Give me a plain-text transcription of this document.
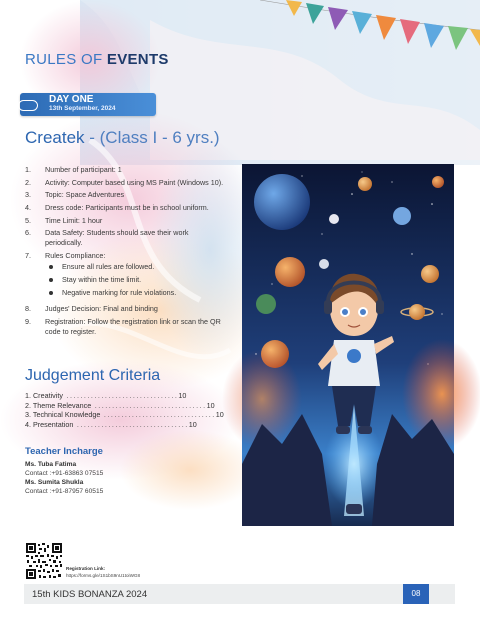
RULES OF EVENTS
DAY ONE
13th September, 2024
Createk - (Class I - 6 yrs.)
1.	Number of participant: 1
2.	Activity: Computer based using MS Paint (Windows 10).
3.	Topic: Space Adventures
4.	Dress code: Participants must be in school uniform.
5.	Time Limit: 1 hour
6.	Data Safety: Students should save their work periodically.
7.	Rules Compliance:
Ensure all rules are followed.
Stay within the time limit.
Negative marking for rule violations.
8.	Judges' Decision: Final and binding
9.	Registration: Follow the registration link or scan the QR code to register.
Judgement Criteria
1. Creativity ................................ 10
2. Theme Relevance ................................ 10
3. Technical Knowledge ................................ 10
4. Presentation ................................ 10
Teacher Incharge
Ms. Tuba Fatima
Contact :+91-63863 07515
Ms. Sumita Shukla
Contact :+91-87957 60515
Registration Link:
https://forms.gle/1S1bS9nU1toiWG8
15th KIDS BONANZA 2024	08
